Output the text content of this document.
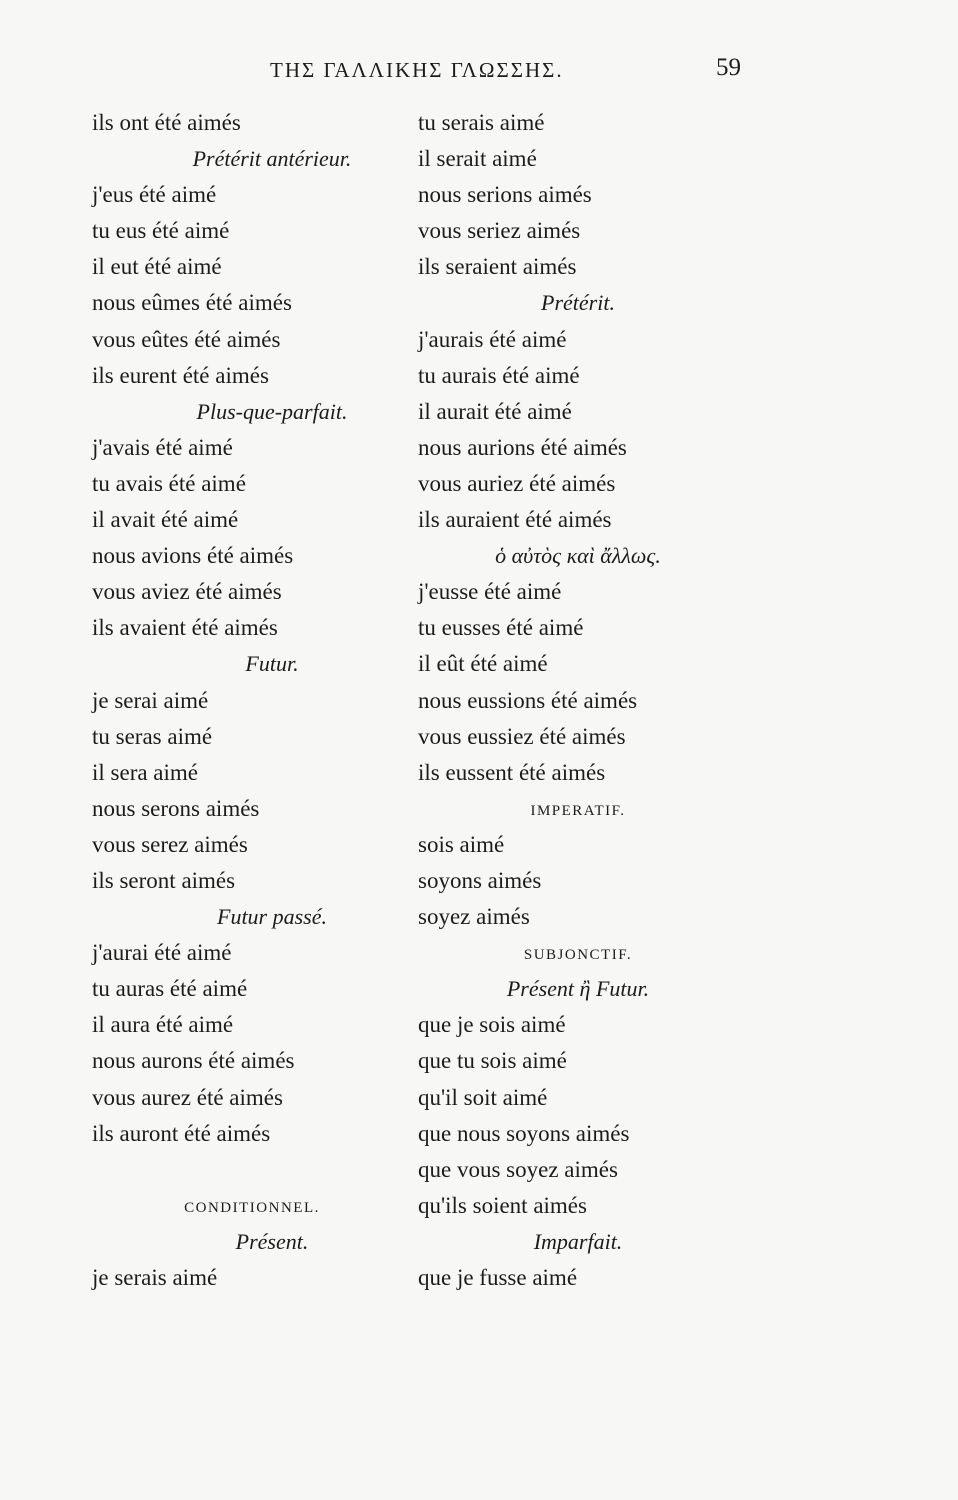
ΤΗΣ ΓΑΛΛΙΚΗΣ ΓΛΩΣΣΗΣ.	59
ils ont été aimés
Prétérit antérieur.
j'eus été aimé
tu eus été aimé
il eut été aimé
nous eûmes été aimés
vous eûtes été aimés
ils eurent été aimés
Plus-que-parfait.
j'avais été aimé
tu avais été aimé
il avait été aimé
nous avions été aimés
vous aviez été aimés
ils avaient été aimés
Futur.
je serai aimé
tu seras aimé
il sera aimé
nous serons aimés
vous serez aimés
ils seront aimés
Futur passé.
j'aurai été aimé
tu auras été aimé
il aura été aimé
nous aurons été aimés
vous aurez été aimés
ils auront été aimés
CONDITIONNEL.
Présent.
je serais aimé
tu serais aimé
il serait aimé
nous serions aimés
vous seriez aimés
ils seraient aimés
Prétérit.
j'aurais été aimé
tu aurais été aimé
il aurait été aimé
nous aurions été aimés
vous auriez été aimés
ils auraient été aimés
ὁ αὐτὸς καὶ ἄλλως.
j'eusse été aimé
tu eusses été aimé
il eût été aimé
nous eussions été aimés
vous eussiez été aimés
ils eussent été aimés
IMPERATIF.
sois aimé
soyons aimés
soyez aimés
SUBJONCTIF.
Présent ἢ Futur.
que je sois aimé
que tu sois aimé
qu'il soit aimé
que nous soyons aimés
que vous soyez aimés
qu'ils soient aimés
Imparfait.
que je fusse aimé
